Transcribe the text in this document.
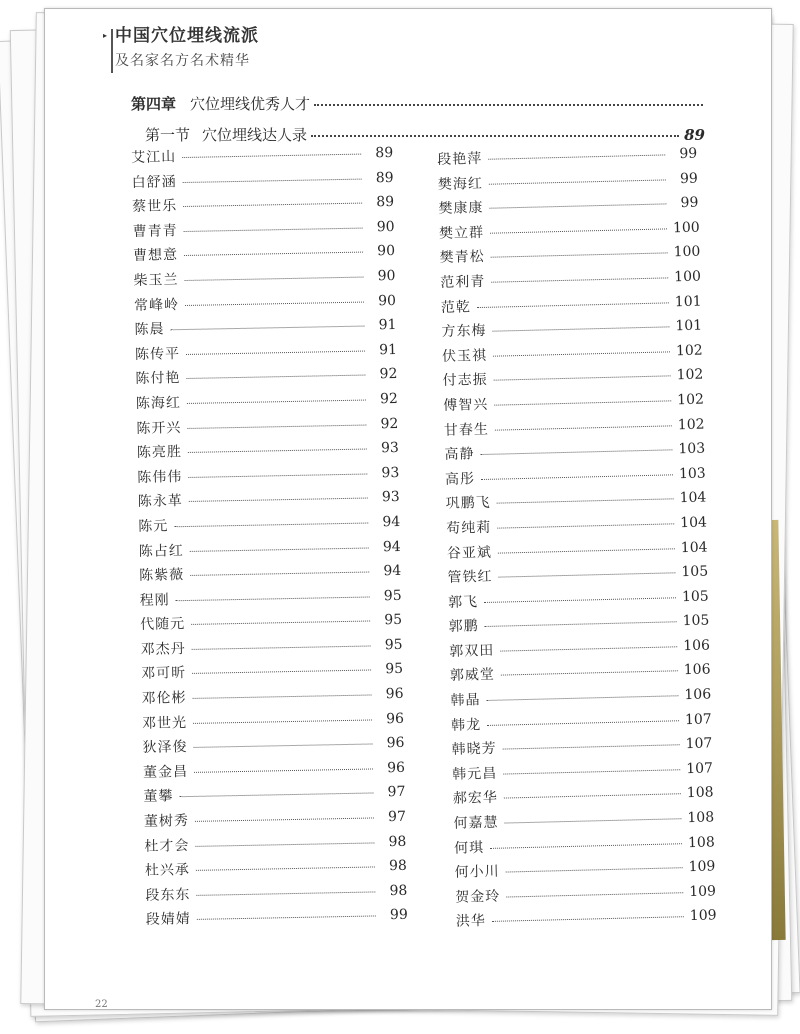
▸ 中国穴位埋线流派
及名家名方名术精华
第四章 穴位埋线优秀人才
第一节 穴位埋线达人录	89
艾江山	89
白舒涵	89
蔡世乐	89
曹青青	90
曹想意	90
柴玉兰	90
常峰岭	90
陈晨	91
陈传平	91
陈付艳	92
陈海红	92
陈开兴	92
陈亮胜	93
陈伟伟	93
陈永革	93
陈元	94
陈占红	94
陈紫薇	94
程刚	95
代随元	95
邓杰丹	95
邓可昕	95
邓伦彬	96
邓世光	96
狄泽俊	96
董金昌	96
董攀	97
董树秀	97
杜才会	98
杜兴承	98
段东东	98
段婧婧	99
段艳萍	99
樊海红	99
樊康康	99
樊立群	100
樊青松	100
范利青	100
范乾	101
方东梅	101
伏玉祺	102
付志振	102
傅智兴	102
甘春生	102
高静	103
高彤	103
巩鹏飞	104
苟纯莉	104
谷亚斌	104
管铁红	105
郭飞	105
郭鹏	105
郭双田	106
郭威堂	106
韩晶	106
韩龙	107
韩晓芳	107
韩元昌	107
郝宏华	108
何嘉慧	108
何琪	108
何小川	109
贺金玲	109
洪华	109
22
